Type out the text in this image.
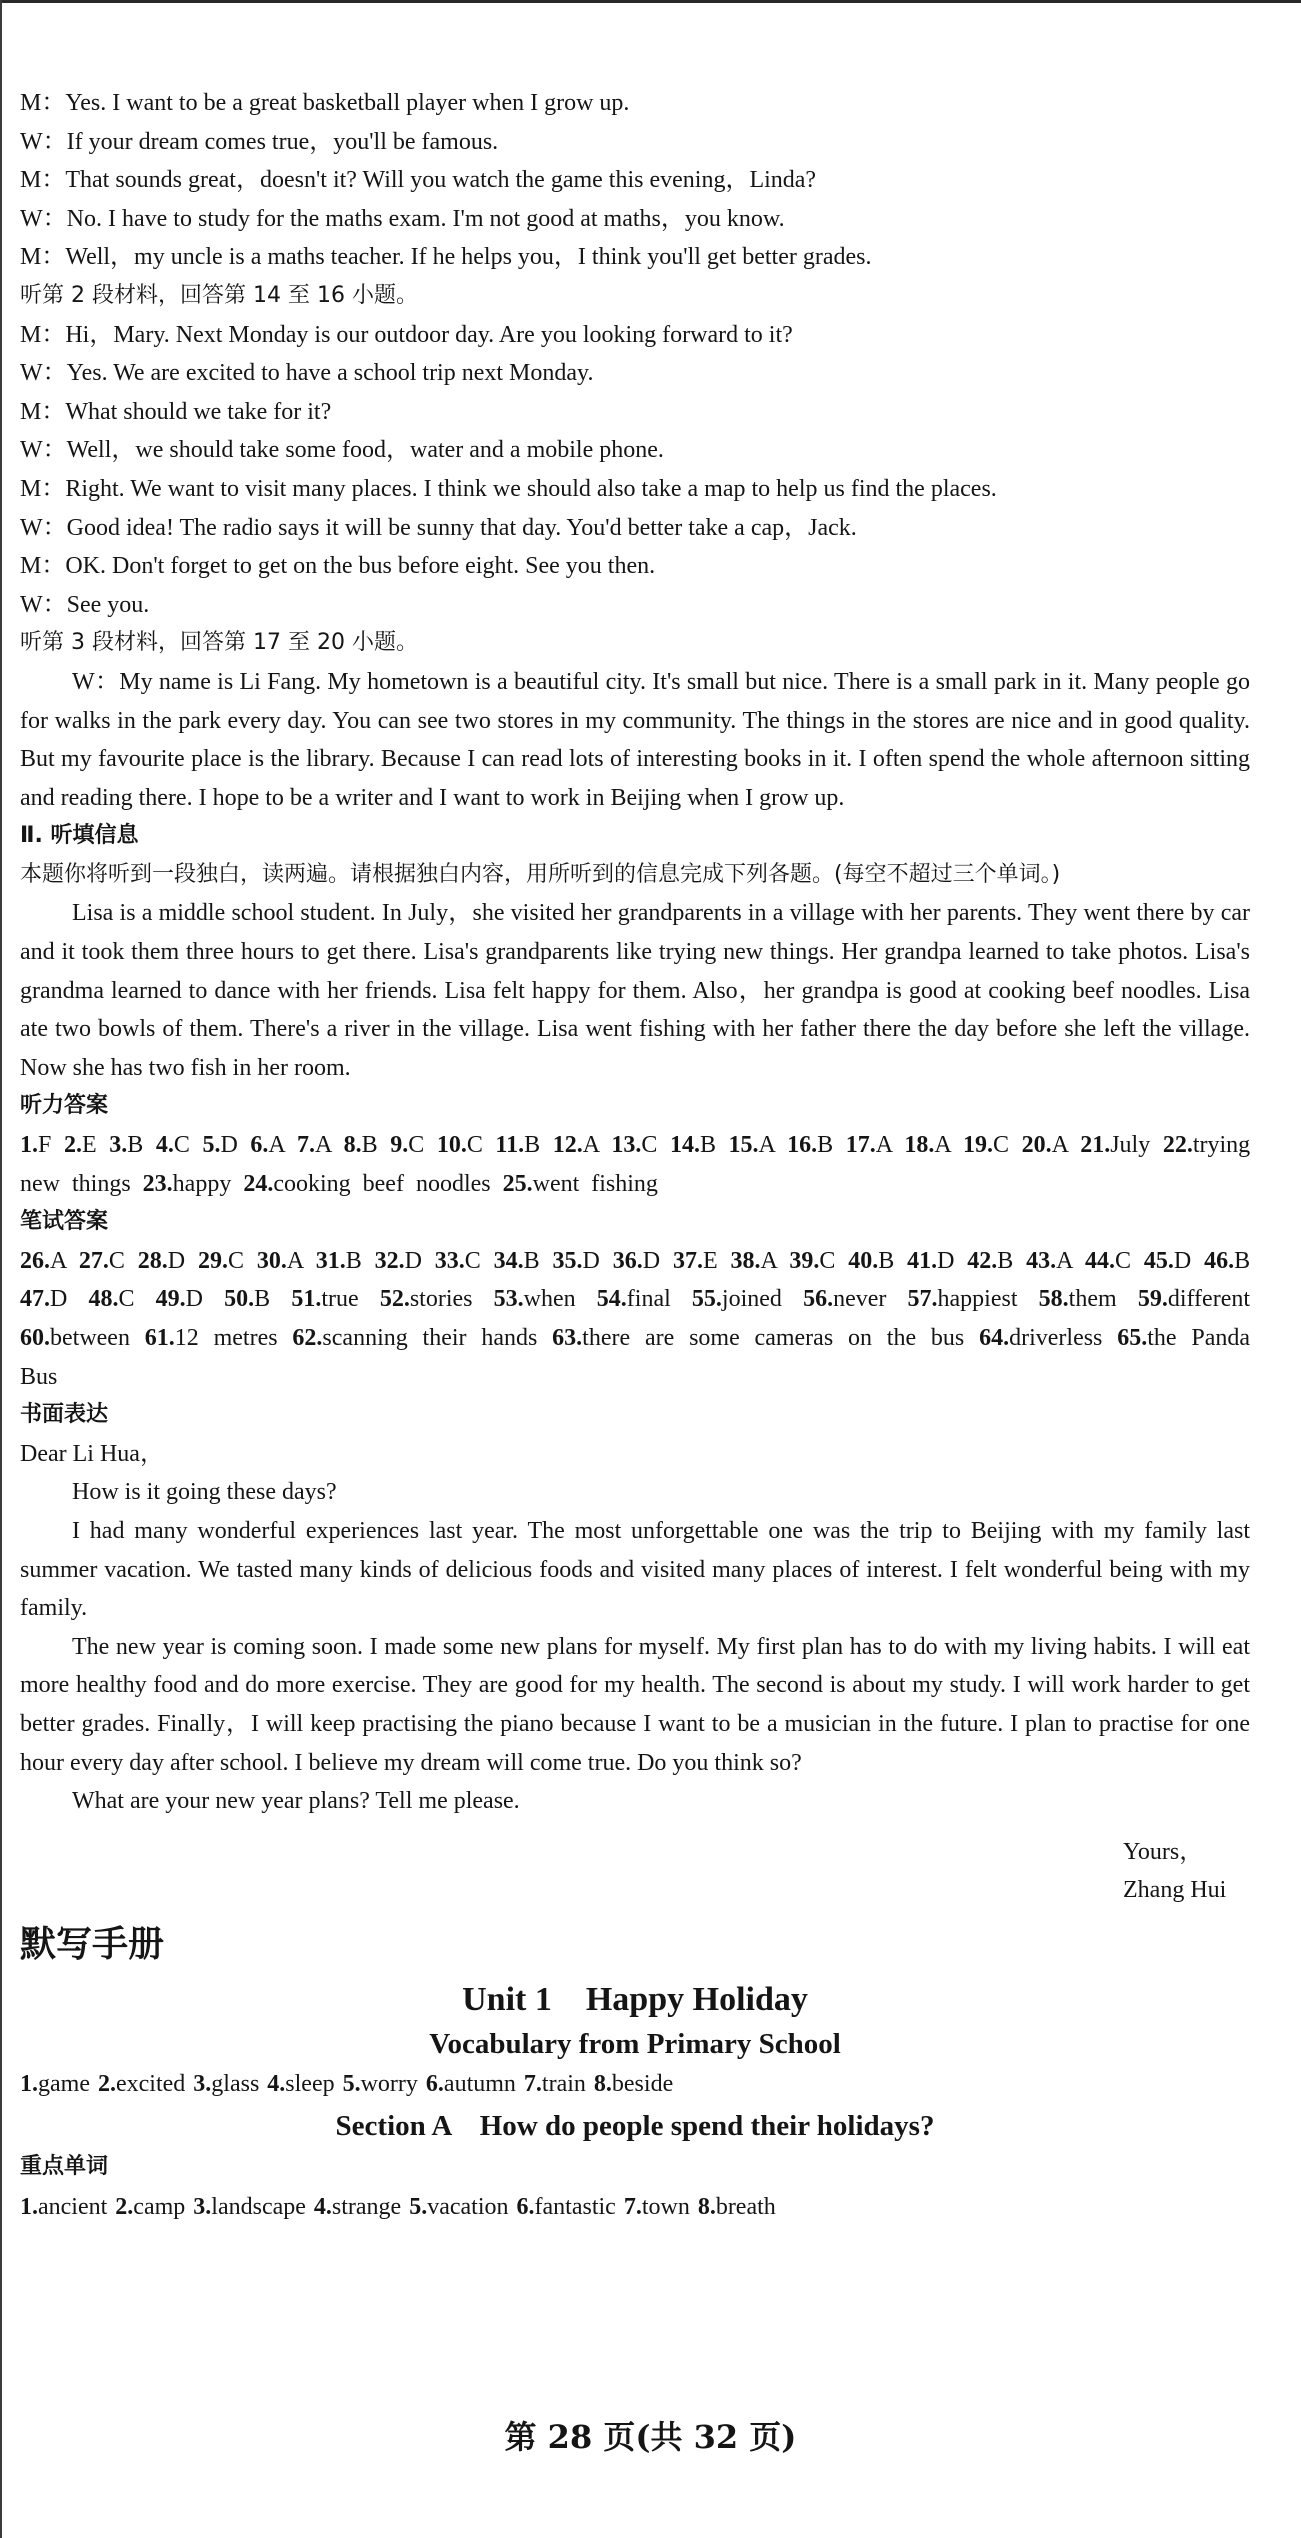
M：Yes. I want to be a great basketball player when I grow up.
W：If your dream comes true，you'll be famous.
M：That sounds great，doesn't it? Will you watch the game this evening，Linda?
W：No. I have to study for the maths exam. I'm not good at maths，you know.
M：Well，my uncle is a maths teacher. If he helps you，I think you'll get better grades.
听第 2 段材料，回答第 14 至 16 小题。
M：Hi，Mary. Next Monday is our outdoor day. Are you looking forward to it?
W：Yes. We are excited to have a school trip next Monday.
M：What should we take for it?
W：Well，we should take some food，water and a mobile phone.
M：Right. We want to visit many places. I think we should also take a map to help us find the places.
W：Good idea! The radio says it will be sunny that day. You'd better take a cap，Jack.
M：OK. Don't forget to get on the bus before eight. See you then.
W：See you.
听第 3 段材料，回答第 17 至 20 小题。
W：My name is Li Fang. My hometown is a beautiful city. It's small but nice. There is a small park in it. Many people go for walks in the park every day. You can see two stores in my community. The things in the stores are nice and in good quality. But my favourite place is the library. Because I can read lots of interesting books in it. I often spend the whole afternoon sitting and reading there. I hope to be a writer and I want to work in Beijing when I grow up.
Ⅱ. 听填信息
本题你将听到一段独白，读两遍。请根据独白内容，用所听到的信息完成下列各题。(每空不超过三个单词。)
Lisa is a middle school student. In July，she visited her grandparents in a village with her parents. They went there by car and it took them three hours to get there. Lisa's grandparents like trying new things. Her grandpa learned to take photos. Lisa's grandma learned to dance with her friends. Lisa felt happy for them. Also，her grandpa is good at cooking beef noodles. Lisa ate two bowls of them. There's a river in the village. Lisa went fishing with her father there the day before she left the village. Now she has two fish in her room.
听力答案
1.F 2.E 3.B 4.C 5.D 6.A 7.A 8.B 9.C 10.C 11.B 12.A 13.C 14.B 15.A 16.B 17.A 18.A 19.C 20.A 21.July 22.trying new things 23.happy 24.cooking beef noodles 25.went fishing
笔试答案
26.A 27.C 28.D 29.C 30.A 31.B 32.D 33.C 34.B 35.D 36.D 37.E 38.A 39.C 40.B 41.D 42.B 43.A 44.C 45.D 46.B 47.D 48.C 49.D 50.B 51.true 52.stories 53.when 54.final 55.joined 56.never 57.happiest 58.them 59.different 60.between 61.12 metres 62.scanning their hands 63.there are some cameras on the bus 64.driverless 65.the Panda Bus
书面表达
Dear Li Hua，
How is it going these days?
I had many wonderful experiences last year. The most unforgettable one was the trip to Beijing with my family last summer vacation. We tasted many kinds of delicious foods and visited many places of interest. I felt wonderful being with my family.
The new year is coming soon. I made some new plans for myself. My first plan has to do with my living habits. I will eat more healthy food and do more exercise. They are good for my health. The second is about my study. I will work harder to get better grades. Finally，I will keep practising the piano because I want to be a musician in the future. I plan to practise for one hour every day after school. I believe my dream will come true. Do you think so?
What are your new year plans? Tell me please.
Yours，
Zhang Hui
默写手册
Unit 1　Happy Holiday
Vocabulary from Primary School
1.game 2.excited 3.glass 4.sleep 5.worry 6.autumn 7.train 8.beside
Section A　How do people spend their holidays?
重点单词
1.ancient 2.camp 3.landscape 4.strange 5.vacation 6.fantastic 7.town 8.breath
第 28 页(共 32 页)
